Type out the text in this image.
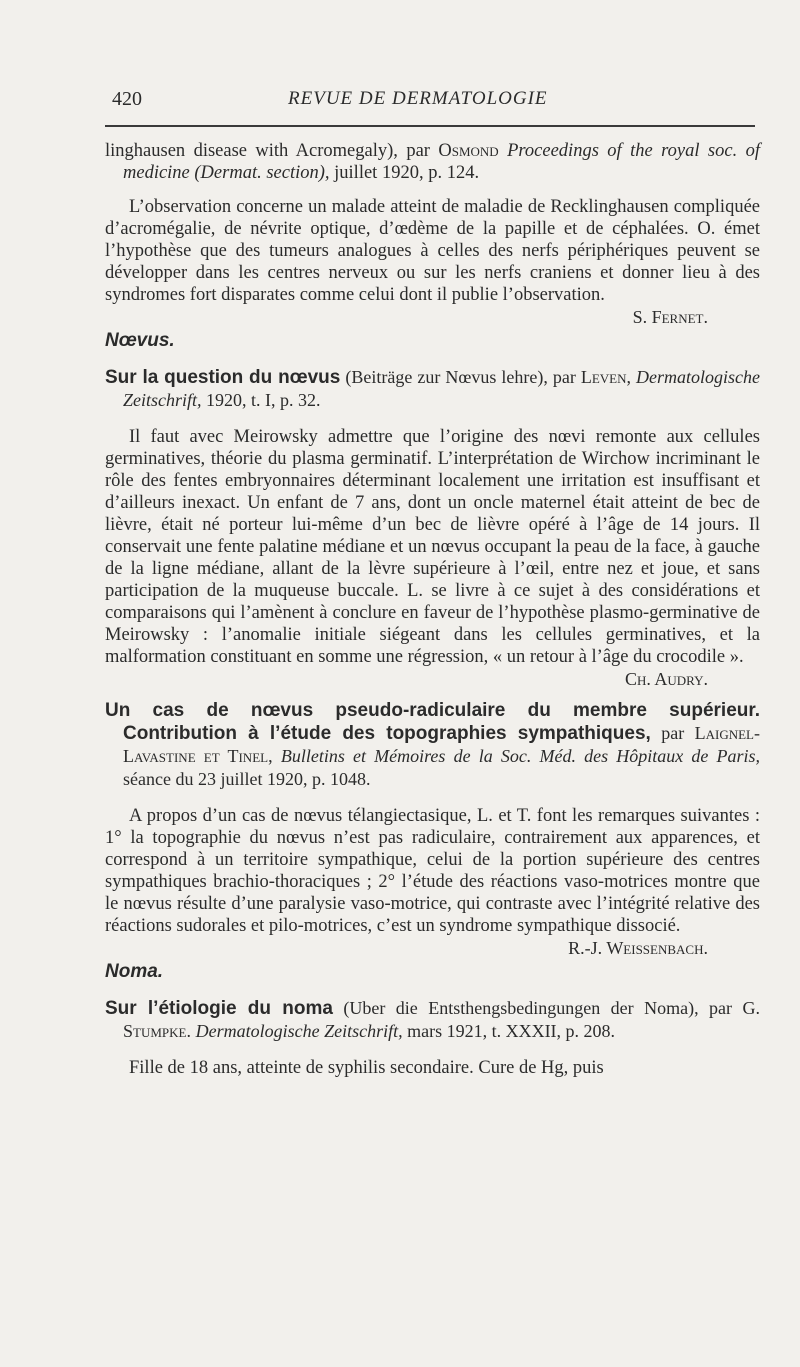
420	REVUE DE DERMATOLOGIE

linghausen disease with Acromegaly), par Osmond Proceedings of the royal soc. of medicine (Dermat. section), juillet 1920, p. 124.

L’observation concerne un malade atteint de maladie de Recklinghausen compliquée d’acromégalie, de névrite optique, d’œdème de la papille et de céphalées. O. émet l’hypothèse que des tumeurs analogues à celles des nerfs périphériques peuvent se développer dans les centres nerveux ou sur les nerfs craniens et donner lieu à des syndromes fort disparates comme celui dont il publie l’observation.

S. Fernet.

Nœvus.

Sur la question du nœvus (Beiträge zur Nœvus lehre), par Leven, Dermatologische Zeitschrift, 1920, t. I, p. 32.

Il faut avec Meirowsky admettre que l’origine des nœvi remonte aux cellules germinatives, théorie du plasma germinatif. L’interprétation de Wirchow incriminant le rôle des fentes embryonnaires déterminant localement une irritation est insuffisant et d’ailleurs inexact. Un enfant de 7 ans, dont un oncle maternel était atteint de bec de lièvre, était né porteur lui-même d’un bec de lièvre opéré à l’âge de 14 jours. Il conservait une fente palatine médiane et un nœvus occupant la peau de la face, à gauche de la ligne médiane, allant de la lèvre supérieure à l’œil, entre nez et joue, et sans participation de la muqueuse buccale. L. se livre à ce sujet à des considérations et comparaisons qui l’amènent à conclure en faveur de l’hypothèse plasmo-germinative de Meirowsky : l’anomalie initiale siégeant dans les cellules germinatives, et la malformation constituant en somme une régression, « un retour à l’âge du crocodile ».

Ch. Audry.

Un cas de nœvus pseudo-radiculaire du membre supérieur. Contribution à l’étude des topographies sympathiques, par Laignel-Lavastine et Tinel, Bulletins et Mémoires de la Soc. Méd. des Hôpitaux de Paris, séance du 23 juillet 1920, p. 1048.

A propos d’un cas de nœvus télangiectasique, L. et T. font les remarques suivantes : 1° la topographie du nœvus n’est pas radiculaire, contrairement aux apparences, et correspond à un territoire sympathique, celui de la portion supérieure des centres sympathiques brachio-thoraciques ; 2° l’étude des réactions vaso-motrices montre que le nœvus résulte d’une paralysie vaso-motrice, qui contraste avec l’intégrité relative des réactions sudorales et pilo-motrices, c’est un syndrome sympathique dissocié.

R.-J. Weissenbach.

Noma.

Sur l’étiologie du noma (Uber die Entsthengsbedingungen der Noma), par G. Stumpke. Dermatologische Zeitschrift, mars 1921, t. XXXII, p. 208.

Fille de 18 ans, atteinte de syphilis secondaire. Cure de Hg, puis
